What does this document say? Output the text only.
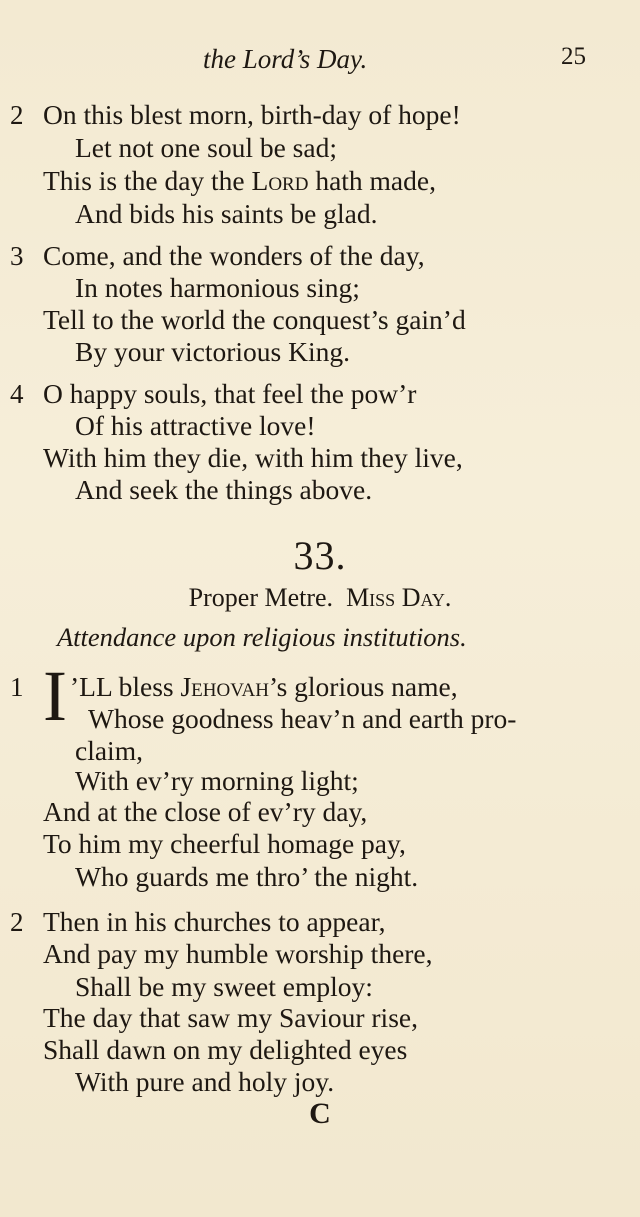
the Lord’s Day.	25
2 On this blest morn, birth-day of hope!
Let not one soul be sad;
This is the day the Lord hath made,
And bids his saints be glad.
3 Come, and the wonders of the day,
In notes harmonious sing;
Tell to the world the conquest’s gain’d
By your victorious King.
4 O happy souls, that feel the pow’r
Of his attractive love!
With him they die, with him they live,
And seek the things above.
33.
Proper Metre. Miss Day.
Attendance upon religious institutions.
1 I ’LL bless Jehovah’s glorious name,
Whose goodness heav’n and earth pro-
claim,
With ev’ry morning light;
And at the close of ev’ry day,
To him my cheerful homage pay,
Who guards me thro’ the night.
2 Then in his churches to appear,
And pay my humble worship there,
Shall be my sweet employ:
The day that saw my Saviour rise,
Shall dawn on my delighted eyes
With pure and holy joy.
C
